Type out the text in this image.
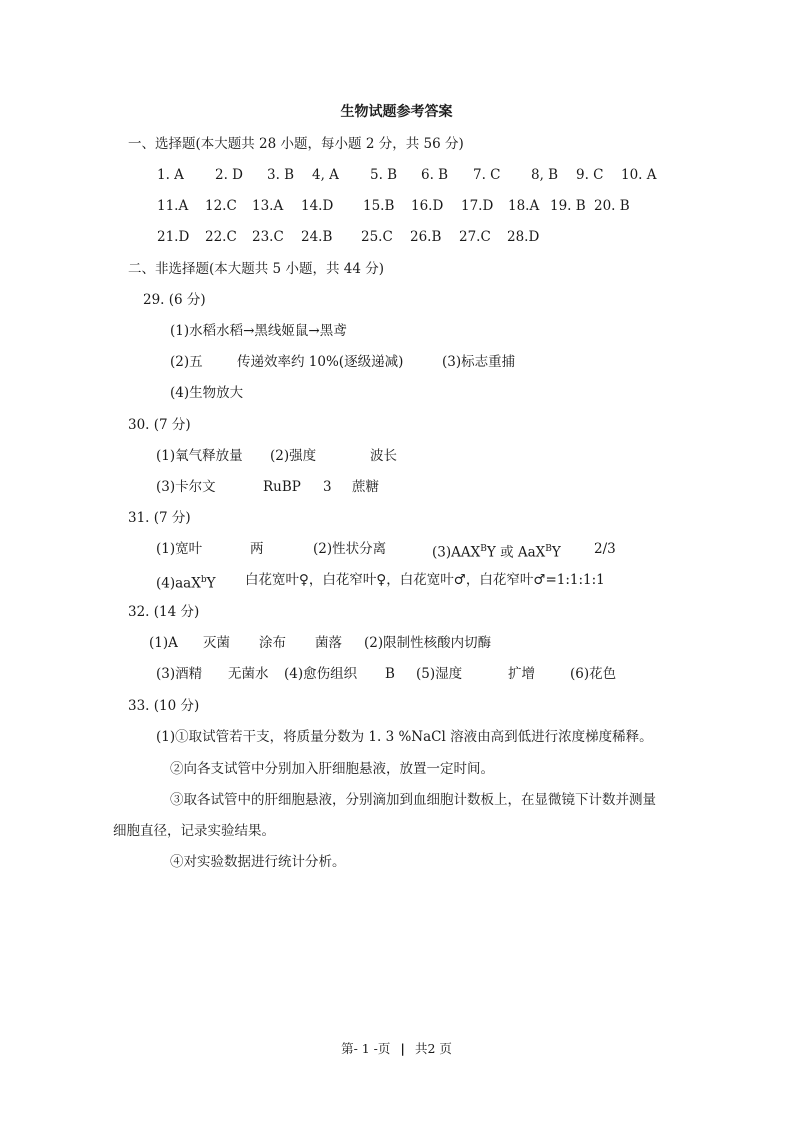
生物试题参考答案
一、选择题(本大题共 28 小题，每小题 2 分，共 56 分)
1. A 2. D 3. B 4, A 5. B 6. B 7. C 8, B 9. C 10. A
11.A 12.C 13.A 14.D 15.B 16.D 17.D 18.A 19. B 20. B
21.D 22.C 23.C 24.B 25.C 26.B 27.C 28.D
二、非选择题(本大题共 5 小题，共 44 分)
29. (6 分)
(1)水稻水稻→黑线姬鼠→黑鸢
(2)五	传递效率约 10%(逐级递减)	(3)标志重捕
(4)生物放大
30. (7 分)
(1)氧气释放量 (2)强度	波长
(3)卡尔文	RuBP 3 蔗糖
31. (7 分)
(1)宽叶	两	(2)性状分离	$(3)AAX^BY$ 或 AaX$^B$Y 2/3
(4)aaX$^b$Y 白花宽叶♀，白花窄叶♀，白花宽叶♂，白花窄叶♂=1:1:1:1
32. (14 分)
(1)A 灭菌 涂布 菌落 (2)限制性核酸内切酶
(3)酒精 无菌水 (4)愈伤组织 B (5)湿度	扩增	(6)花色
33. (10 分)
(1)①取试管若干支，将质量分数为 1. 3 %NaCl 溶液由高到低进行浓度梯度稀释。
②向各支试管中分别加入肝细胞悬液，放置一定时间。
③取各试管中的肝细胞悬液，分别滴加到血细胞计数板上，在显微镜下计数并测量
细胞直径，记录实验结果。
④对实验数据进行统计分析。
第- 1 -页 | 共2 页
